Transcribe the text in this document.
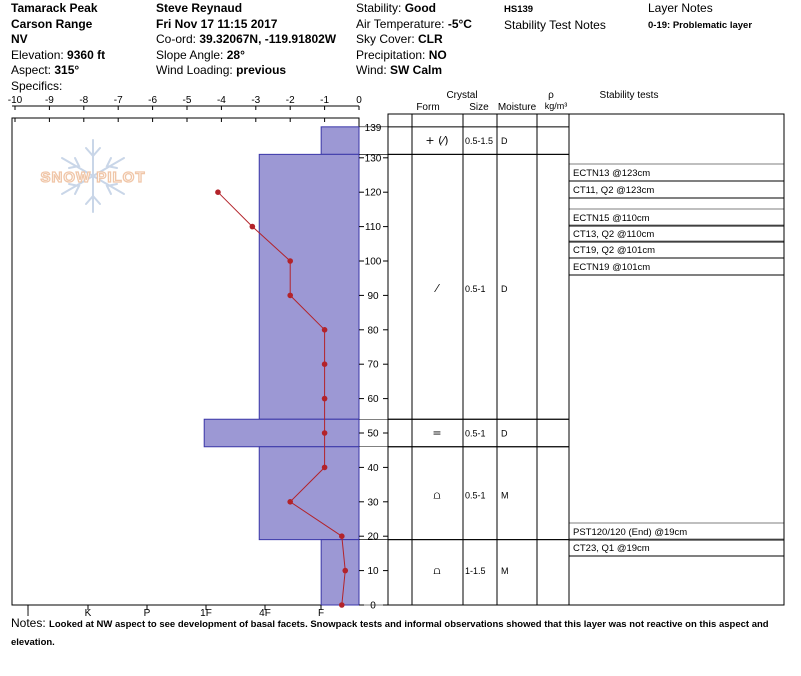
Tamarack Peak
Carson Range
NV
Elevation: 9360 ft
Aspect: 315°
Specifics:
Steve Reynaud
Fri Nov 17 11:15 2017
Co-ord: 39.32067N, -119.91802W
Slope Angle: 28°
Wind Loading: previous
Stability: Good
Air Temperature: -5°C
Sky Cover: CLR
Precipitation: NO
Wind: SW Calm
HS139
Stability Test Notes
Layer Notes
0-19: Problematic layer
SNOW PILOT
-10 -9	-8	-7	-6	-5	-4	-3	-2	-1	0
I	K	P	1F	4F	F
0
10
20
30
40
50
60
70
80
90
100
110
120
130
139
Crystal
Form	Size Moisture
ρ
kg/m³
Stability tests
+ (⁄) 0.5-1.5 D
⁄	0.5-1 D
=	0.5-1 D
⩍	0.5-1 M
⩍	1-1.5 M
ECTN13 @123cm
CT11, Q2 @123cm
ECTN15 @110cm
CT13, Q2 @110cm
CT19, Q2 @101cm
ECTN19 @101cm
PST120/120 (End) @19cm
CT23, Q1 @19cm
Notes: Looked at NW aspect to see development of basal facets. Snowpack tests and informal observations showed that this layer was not reactive on this aspect and elevation.
